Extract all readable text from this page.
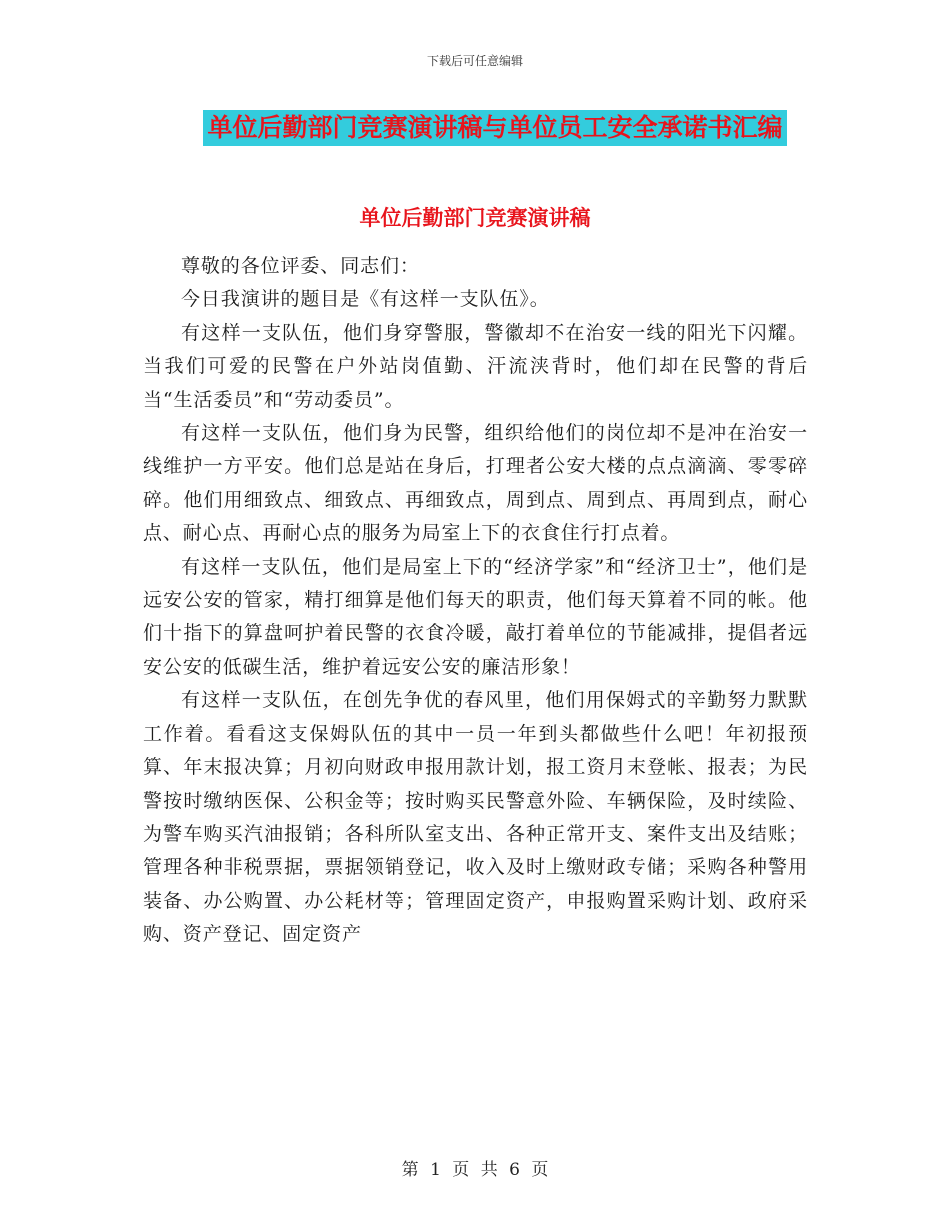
下载后可任意编辑
单位后勤部门竞赛演讲稿与单位员工安全承诺书汇编
单位后勤部门竞赛演讲稿

尊敬的各位评委、同志们：

今日我演讲的题目是《有这样一支队伍》。

有这样一支队伍，他们身穿警服，警徽却不在治安一线的阳光下闪耀。当我们可爱的民警在户外站岗值勤、汗流浃背时，他们却在民警的背后当“生活委员”和“劳动委员”。

有这样一支队伍，他们身为民警，组织给他们的岗位却不是冲在治安一线维护一方平安。他们总是站在身后，打理者公安大楼的点点滴滴、零零碎碎。他们用细致点、细致点、再细致点，周到点、周到点、再周到点，耐心点、耐心点、再耐心点的服务为局室上下的衣食住行打点着。

有这样一支队伍，他们是局室上下的“经济学家”和“经济卫士”，他们是远安公安的管家，精打细算是他们每天的职责，他们每天算着不同的帐。他们十指下的算盘呵护着民警的衣食冷暖，敲打着单位的节能减排，提倡者远安公安的低碳生活，维护着远安公安的廉洁形象！

有这样一支队伍，在创先争优的春风里，他们用保姆式的辛勤努力默默工作着。看看这支保姆队伍的其中一员一年到头都做些什么吧！年初报预算、年末报决算；月初向财政申报用款计划，报工资月末登帐、报表；为民警按时缴纳医保、公积金等；按时购买民警意外险、车辆保险，及时续险、为警车购买汽油报销；各科所队室支出、各种正常开支、案件支出及结账；管理各种非税票据，票据领销登记，收入及时上缴财政专储；采购各种警用装备、办公购置、办公耗材等；管理固定资产，申报购置采购计划、政府采购、资产登记、固定资产

第 1 页 共 6 页
